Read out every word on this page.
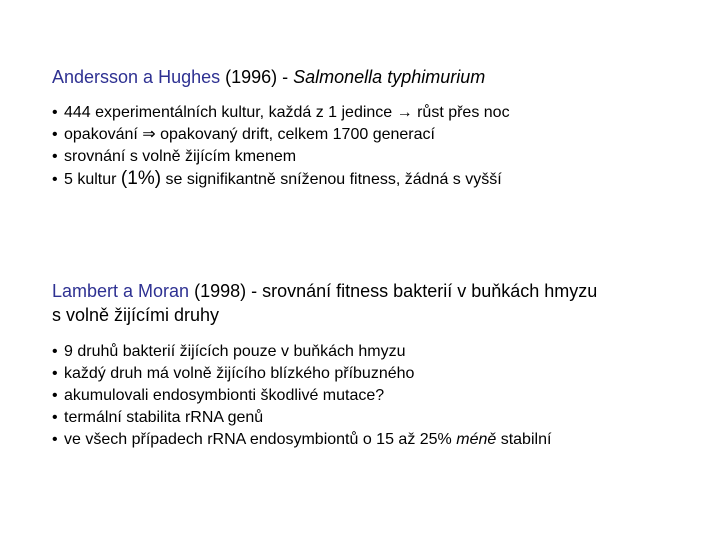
Andersson a Hughes (1996) - Salmonella typhimurium

• 444 experimentálních kultur, každá z 1 jedince → růst přes noc
• opakování ⇒ opakovaný drift, celkem 1700 generací
• srovnání s volně žijícím kmenem
• 5 kultur (1%) se signifikantně sníženou fitness, žádná s vyšší

Lambert a Moran (1998) - srovnání fitness bakterií v buňkách hmyzu
s volně žijícími druhy

• 9 druhů bakterií žijících pouze v buňkách hmyzu
• každý druh má volně žijícího blízkého příbuzného
• akumulovali endosymbionti škodlivé mutace?
• termální stabilita rRNA genů
• ve všech případech rRNA endosymbiontů o 15 až 25% méně stabilní
